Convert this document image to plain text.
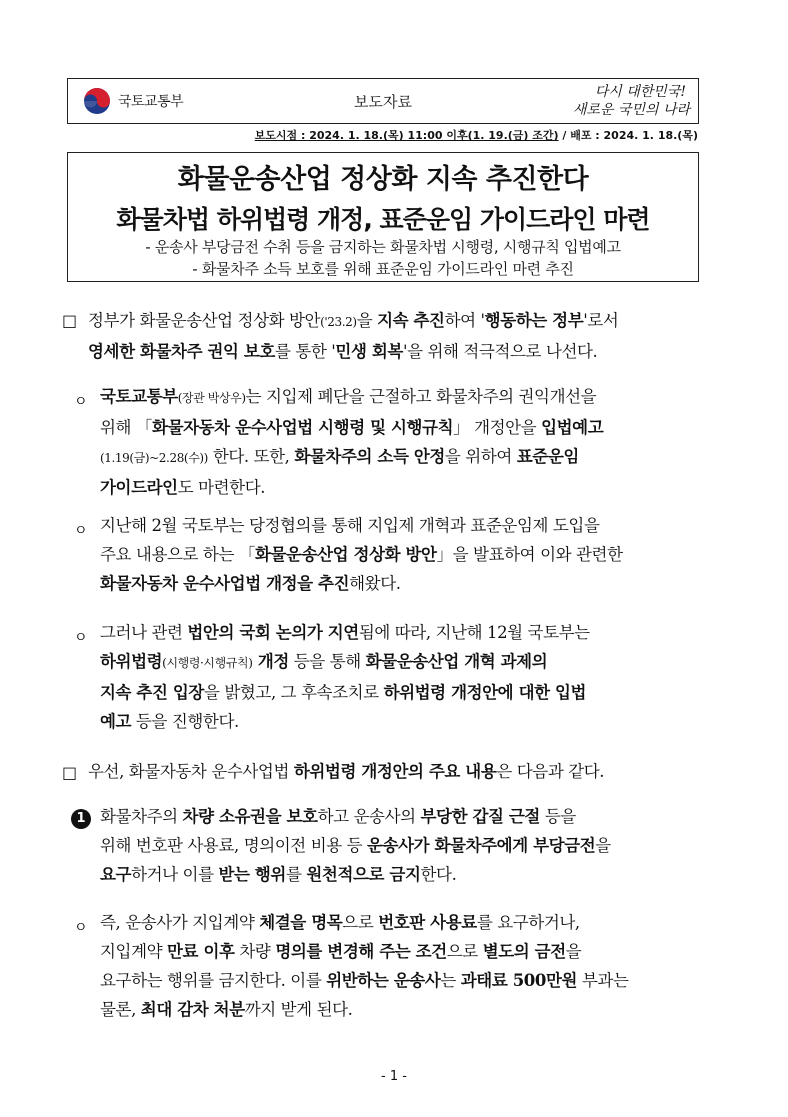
국토교통부	보도자료
다시 대한민국!
새로운 국민의 나라
보도시점 : 2024. 1. 18.(목) 11:00 이후(1. 19.(금) 조간) / 배포 : 2024. 1. 18.(목)
화물운송산업 정상화 지속 추진한다
화물차법 하위법령 개정, 표준운임 가이드라인 마련
- 운송사 부당금전 수취 등을 금지하는 화물차법 시행령, 시행규칙 입법예고
- 화물차주 소득 보호를 위해 표준운임 가이드라인 마련 추진
□ 정부가 화물운송산업 정상화 방안('23.2)을 지속 추진하여 '행동하는 정부'로서
영세한 화물차주 권익 보호를 통한 '민생 회복'을 위해 적극적으로 나선다.
ㅇ 국토교통부(장관 박상우)는 지입제 폐단을 근절하고 화물차주의 권익개선을
위해 「화물자동차 운수사업법 시행령 및 시행규칙」 개정안을 입법예고
(1.19(금)~2.28(수)) 한다. 또한, 화물차주의 소득 안정을 위하여 표준운임
가이드라인도 마련한다.
ㅇ 지난해 2월 국토부는 당정협의를 통해 지입제 개혁과 표준운임제 도입을
주요 내용으로 하는 「화물운송산업 정상화 방안」을 발표하여 이와 관련한
화물자동차 운수사업법 개정을 추진해왔다.
ㅇ 그러나 관련 법안의 국회 논의가 지연됨에 따라, 지난해 12월 국토부는
하위법령(시행령·시행규칙) 개정 등을 통해 화물운송산업 개혁 과제의
지속 추진 입장을 밝혔고, 그 후속조치로 하위법령 개정안에 대한 입법
예고 등을 진행한다.
□ 우선, 화물자동차 운수사업법 하위법령 개정안의 주요 내용은 다음과 같다.
1 화물차주의 차량 소유권을 보호하고 운송사의 부당한 갑질 근절 등을
위해 번호판 사용료, 명의이전 비용 등 운송사가 화물차주에게 부당금전을
요구하거나 이를 받는 행위를 원천적으로 금지한다.
ㅇ 즉, 운송사가 지입계약 체결을 명목으로 번호판 사용료를 요구하거나,
지입계약 만료 이후 차량 명의를 변경해 주는 조건으로 별도의 금전을
요구하는 행위를 금지한다. 이를 위반하는 운송사는 과태료 500만원 부과는
물론, 최대 감차 처분까지 받게 된다.
- 1 -
